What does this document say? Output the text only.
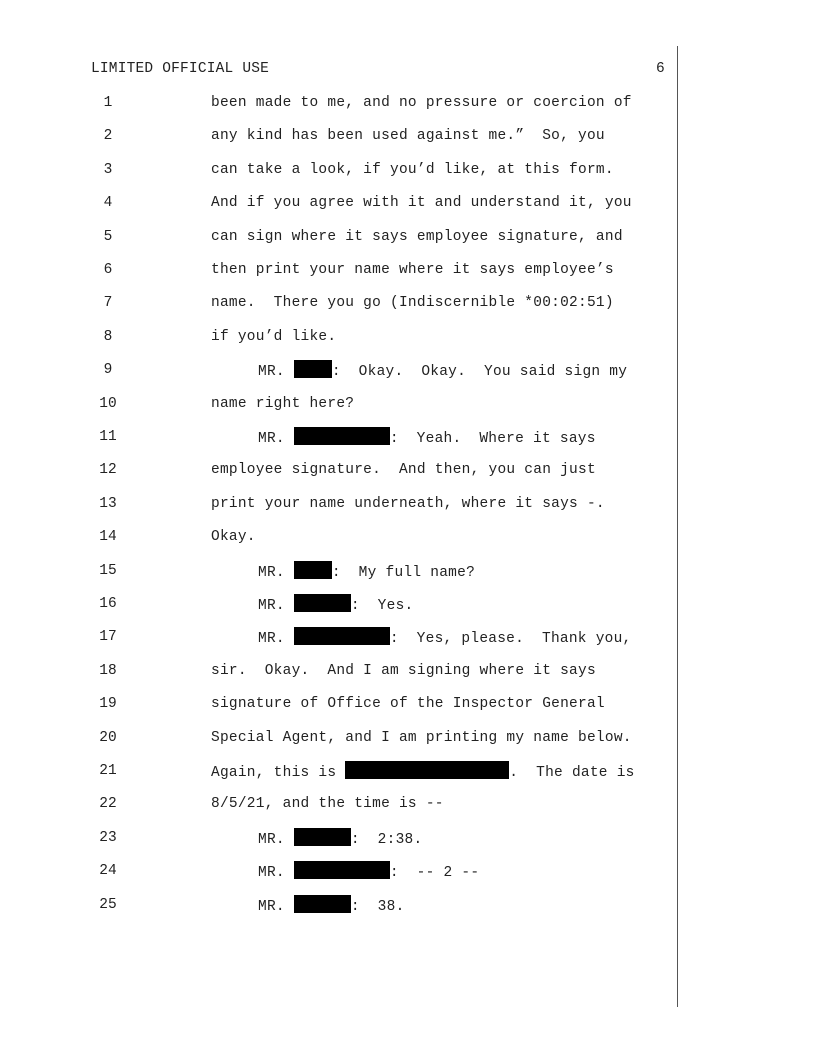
LIMITED OFFICIAL USE	6
1	been made to me, and no pressure or coercion of
2	any kind has been used against me.”  So, you
3	can take a look, if you’d like, at this form.
4	And if you agree with it and understand it, you
5	can sign where it says employee signature, and
6	then print your name where it says employee’s
7	name.  There you go (Indiscernible *00:02:51)
8	if you’d like.
9	MR.	:  Okay.  Okay.  You said sign my
10	name right here?
11	MR.	:  Yeah.  Where it says
12	employee signature.  And then, you can just
13	print your name underneath, where it says -.
14	Okay.
15	MR.	:  My full name?
16	MR.	:  Yes.
17	MR.	:  Yes, please.  Thank you,
18	sir.  Okay.  And I am signing where it says
19	signature of Office of the Inspector General
20	Special Agent, and I am printing my name below.
21	Again, this is	.  The date is
22	8/5/21, and the time is --
23	MR.	:  2:38.
24	MR.	:  -- 2 --
25	MR.	:  38.
